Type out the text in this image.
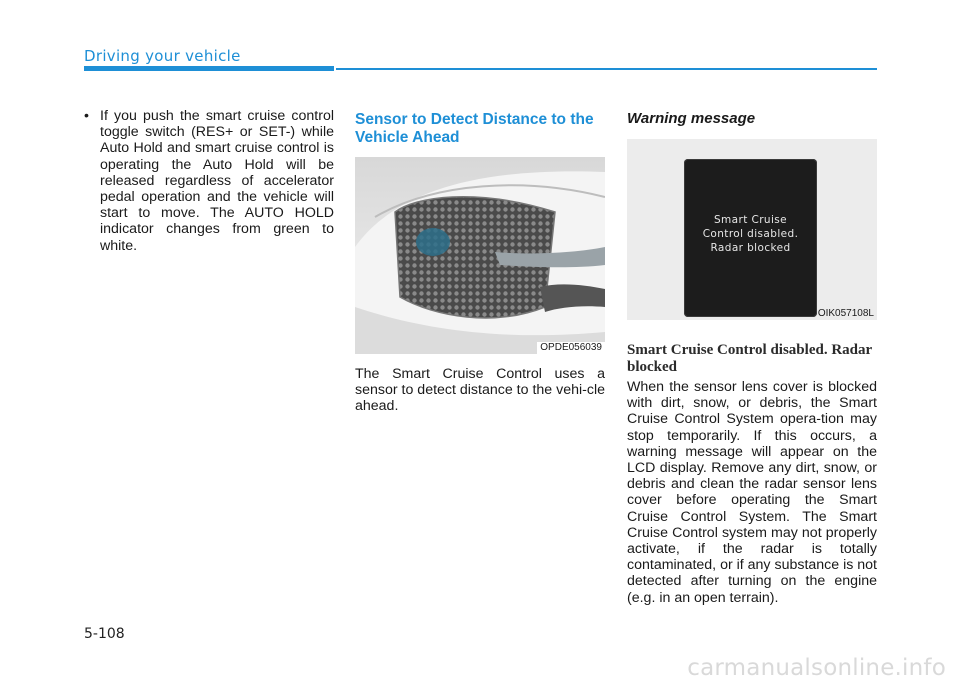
Driving your vehicle
• If you push the smart cruise control toggle switch (RES+ or SET-) while Auto Hold and smart cruise control is operating the Auto Hold will be released regardless of accelerator pedal operation and the vehicle will start to move. The AUTO HOLD indicator changes from green to white.
Sensor to Detect Distance to the Vehicle Ahead
OPDE056039
The Smart Cruise Control uses a sensor to detect distance to the vehi-cle ahead.
Warning message
Smart Cruise
Control disabled.
Radar blocked
OIK057108L
Smart Cruise Control disabled. Radar blocked
When the sensor lens cover is blocked with dirt, snow, or debris, the Smart Cruise Control System opera-tion may stop temporarily. If this occurs, a warning message will appear on the LCD display. Remove any dirt, snow, or debris and clean the radar sensor lens cover before operating the Smart Cruise Control System. The Smart Cruise Control system may not properly activate, if the radar is totally contaminated, or if any substance is not detected after turning on the engine (e.g. in an open terrain).
5-108
carmanualsonline.info
